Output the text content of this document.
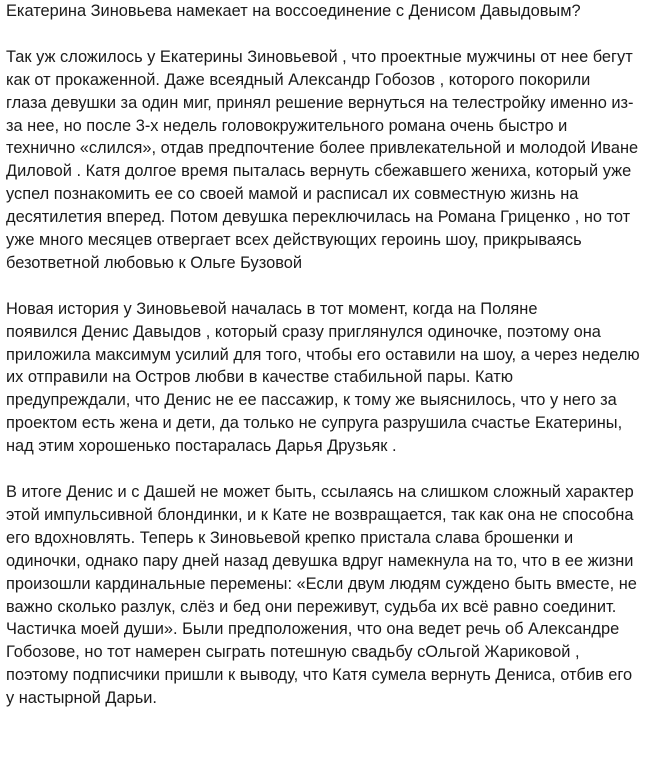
Екатерина Зиновьева намекает на воссоединение с Денисом Давыдовым?

Так уж сложилось у Екатерины Зиновьевой , что проектные мужчины от нее бегут
как от прокаженной. Даже всеядный Александр Гобозов , которого покорили
глаза девушки за один миг, принял решение вернуться на телестройку именно из-
за нее, но после 3-х недель головокружительного романа очень быстро и
технично «слился», отдав предпочтение более привлекательной и молодой Иване
Диловой . Катя долгое время пыталась вернуть сбежавшего жениха, который уже
успел познакомить ее со своей мамой и расписал их совместную жизнь на
десятилетия вперед. Потом девушка переключилась на Романа Гриценко , но тот
уже много месяцев отвергает всех действующих героинь шоу, прикрываясь
безответной любовью к Ольге Бузовой

Новая история у Зиновьевой началась в тот момент, когда на Поляне
появился Денис Давыдов , который сразу приглянулся одиночке, поэтому она
приложила максимум усилий для того, чтобы его оставили на шоу, а через неделю
их отправили на Остров любви в качестве стабильной пары. Катю
предупреждали, что Денис не ее пассажир, к тому же выяснилось, что у него за
проектом есть жена и дети, да только не супруга разрушила счастье Екатерины,
над этим хорошенько постаралась Дарья Друзьяк .

В итоге Денис и с Дашей не может быть, ссылаясь на слишком сложный характер
этой импульсивной блондинки, и к Кате не возвращается, так как она не способна
его вдохновлять. Теперь к Зиновьевой крепко пристала слава брошенки и
одиночки, однако пару дней назад девушка вдруг намекнула на то, что в ее жизни
произошли кардинальные перемены: «Если двум людям суждено быть вместе, не
важно сколько разлук, слёз и бед они переживут, судьба их всё равно соединит.
Частичка моей души». Были предположения, что она ведет речь об Александре
Гобозове, но тот намерен сыграть потешную свадьбу сОльгой Жариковой ,
поэтому подписчики пришли к выводу, что Катя сумела вернуть Дениса, отбив его
у настырной Дарьи.
